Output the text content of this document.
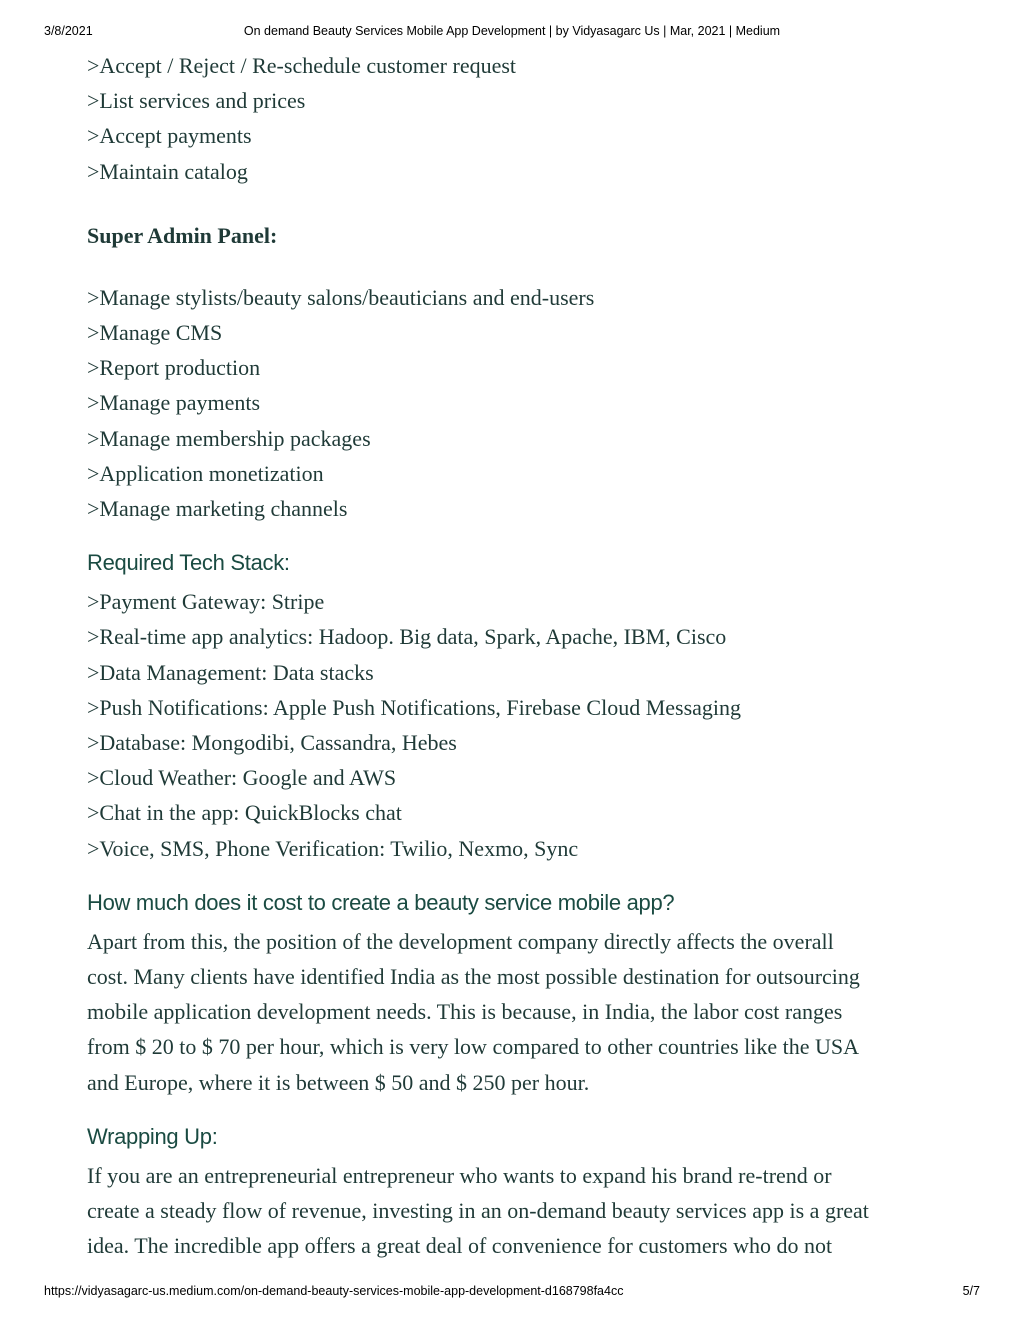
3/8/2021	On demand Beauty Services Mobile App Development | by Vidyasagarc Us | Mar, 2021 | Medium
>Accept / Reject / Re-schedule customer request
>List services and prices
>Accept payments
>Maintain catalog
Super Admin Panel:
>Manage stylists/beauty salons/beauticians and end-users
>Manage CMS
>Report production
>Manage payments
>Manage membership packages
>Application monetization
>Manage marketing channels
Required Tech Stack:
>Payment Gateway: Stripe
>Real-time app analytics: Hadoop. Big data, Spark, Apache, IBM, Cisco
>Data Management: Data stacks
>Push Notifications: Apple Push Notifications, Firebase Cloud Messaging
>Database: Mongodibi, Cassandra, Hebes
>Cloud Weather: Google and AWS
>Chat in the app: QuickBlocks chat
>Voice, SMS, Phone Verification: Twilio, Nexmo, Sync
How much does it cost to create a beauty service mobile app?
Apart from this, the position of the development company directly affects the overall
cost. Many clients have identified India as the most possible destination for outsourcing
mobile application development needs. This is because, in India, the labor cost ranges
from $ 20 to $ 70 per hour, which is very low compared to other countries like the USA
and Europe, where it is between $ 50 and $ 250 per hour.
Wrapping Up:
If you are an entrepreneurial entrepreneur who wants to expand his brand re-trend or
create a steady flow of revenue, investing in an on-demand beauty services app is a great
idea. The incredible app offers a great deal of convenience for customers who do not
https://vidyasagarc-us.medium.com/on-demand-beauty-services-mobile-app-development-d168798fa4cc	5/7
